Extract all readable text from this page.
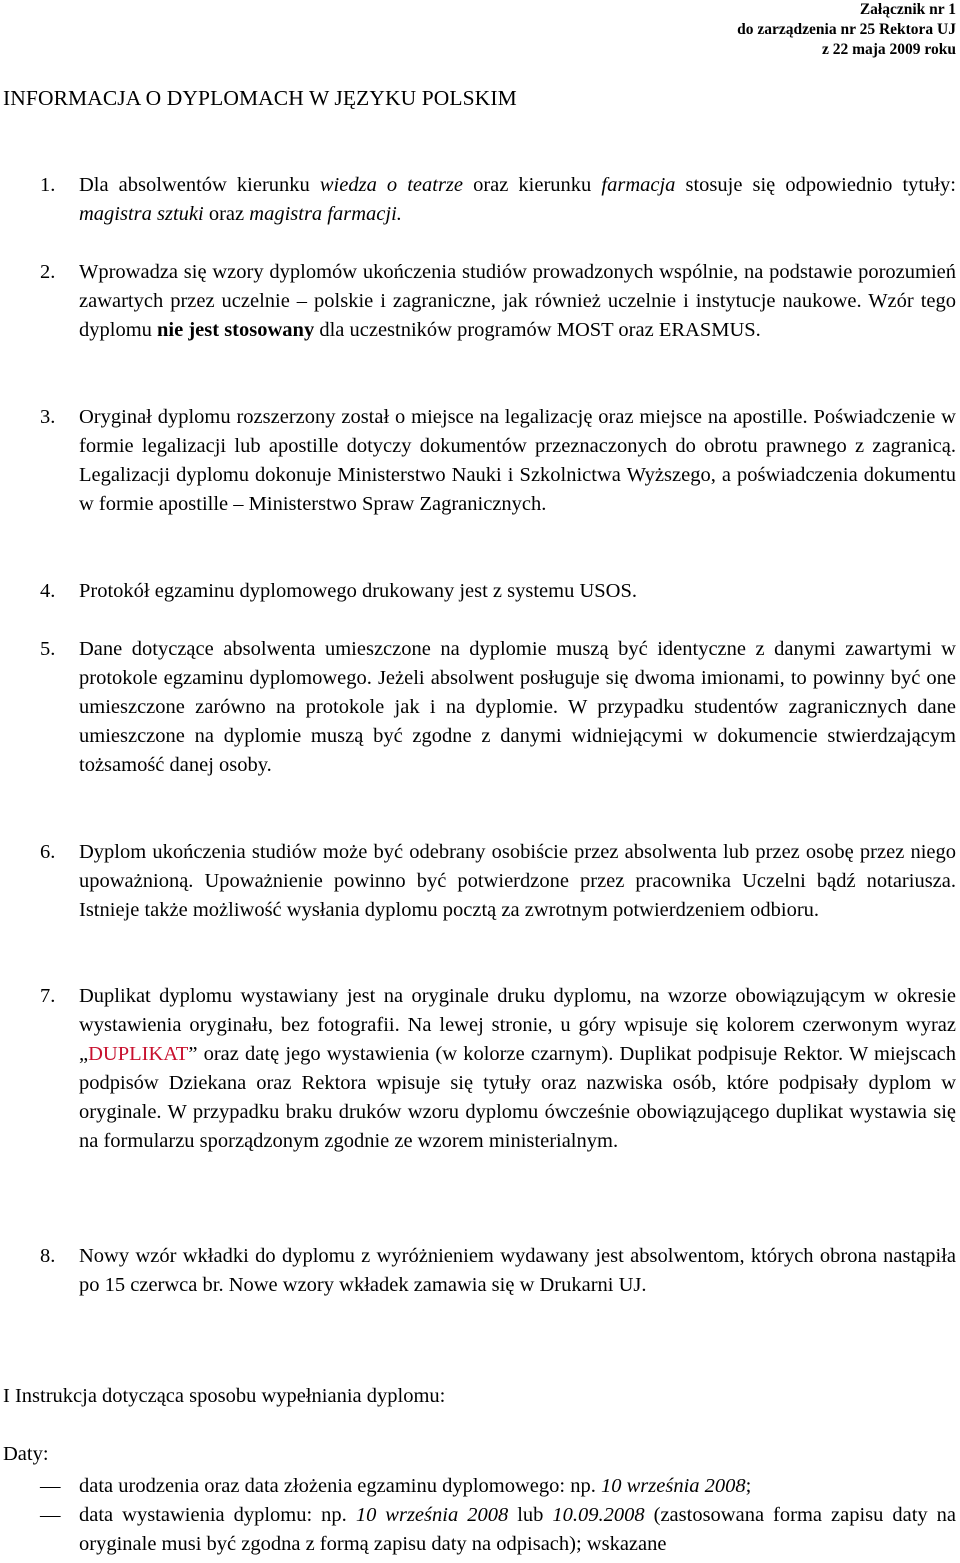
Załącznik nr 1
do zarządzenia nr 25 Rektora UJ
z 22 maja 2009 roku
INFORMACJA O DYPLOMACH W JĘZYKU POLSKIM
1. Dla absolwentów kierunku wiedza o teatrze oraz kierunku farmacja stosuje się odpowiednio tytuły: magistra sztuki oraz magistra farmacji.
2. Wprowadza się wzory dyplomów ukończenia studiów prowadzonych wspólnie, na podstawie porozumień zawartych przez uczelnie – polskie i zagraniczne, jak również uczelnie i instytucje naukowe. Wzór tego dyplomu nie jest stosowany dla uczestników programów MOST oraz ERASMUS.
3. Oryginał dyplomu rozszerzony został o miejsce na legalizację oraz miejsce na apostille. Poświadczenie w formie legalizacji lub apostille dotyczy dokumentów przeznaczonych do obrotu prawnego z zagranicą. Legalizacji dyplomu dokonuje Ministerstwo Nauki i Szkolnictwa Wyższego, a poświadczenia dokumentu w formie apostille – Ministerstwo Spraw Zagranicznych.
4. Protokół egzaminu dyplomowego drukowany jest z systemu USOS.
5. Dane dotyczące absolwenta umieszczone na dyplomie muszą być identyczne z danymi zawartymi w protokole egzaminu dyplomowego. Jeżeli absolwent posługuje się dwoma imionami, to powinny być one umieszczone zarówno na protokole jak i na dyplomie. W przypadku studentów zagranicznych dane umieszczone na dyplomie muszą być zgodne z danymi widniejącymi w dokumencie stwierdzającym tożsamość danej osoby.
6. Dyplom ukończenia studiów może być odebrany osobiście przez absolwenta lub przez osobę przez niego upoważnioną. Upoważnienie powinno być potwierdzone przez pracownika Uczelni bądź notariusza. Istnieje także możliwość wysłania dyplomu pocztą za zwrotnym potwierdzeniem odbioru.
7. Duplikat dyplomu wystawiany jest na oryginale druku dyplomu, na wzorze obowiązującym w okresie wystawienia oryginału, bez fotografii. Na lewej stronie, u góry wpisuje się kolorem czerwonym wyraz „DUPLIKAT” oraz datę jego wystawienia (w kolorze czarnym). Duplikat podpisuje Rektor. W miejscach podpisów Dziekana oraz Rektora wpisuje się tytuły oraz nazwiska osób, które podpisały dyplom w oryginale. W przypadku braku druków wzoru dyplomu ówcześnie obowiązującego duplikat wystawia się na formularzu sporządzonym zgodnie ze wzorem ministerialnym.
8. Nowy wzór wkładki do dyplomu z wyróżnieniem wydawany jest absolwentom, których obrona nastąpiła po 15 czerwca br. Nowe wzory wkładek zamawia się w Drukarni UJ.
I Instrukcja dotycząca sposobu wypełniania dyplomu:
Daty:
— data urodzenia oraz data złożenia egzaminu dyplomowego: np. 10 września 2008;
— data wystawienia dyplomu: np. 10 września 2008 lub 10.09.2008 (zastosowana forma zapisu daty na oryginale musi być zgodna z formą zapisu daty na odpisach); wskazane
